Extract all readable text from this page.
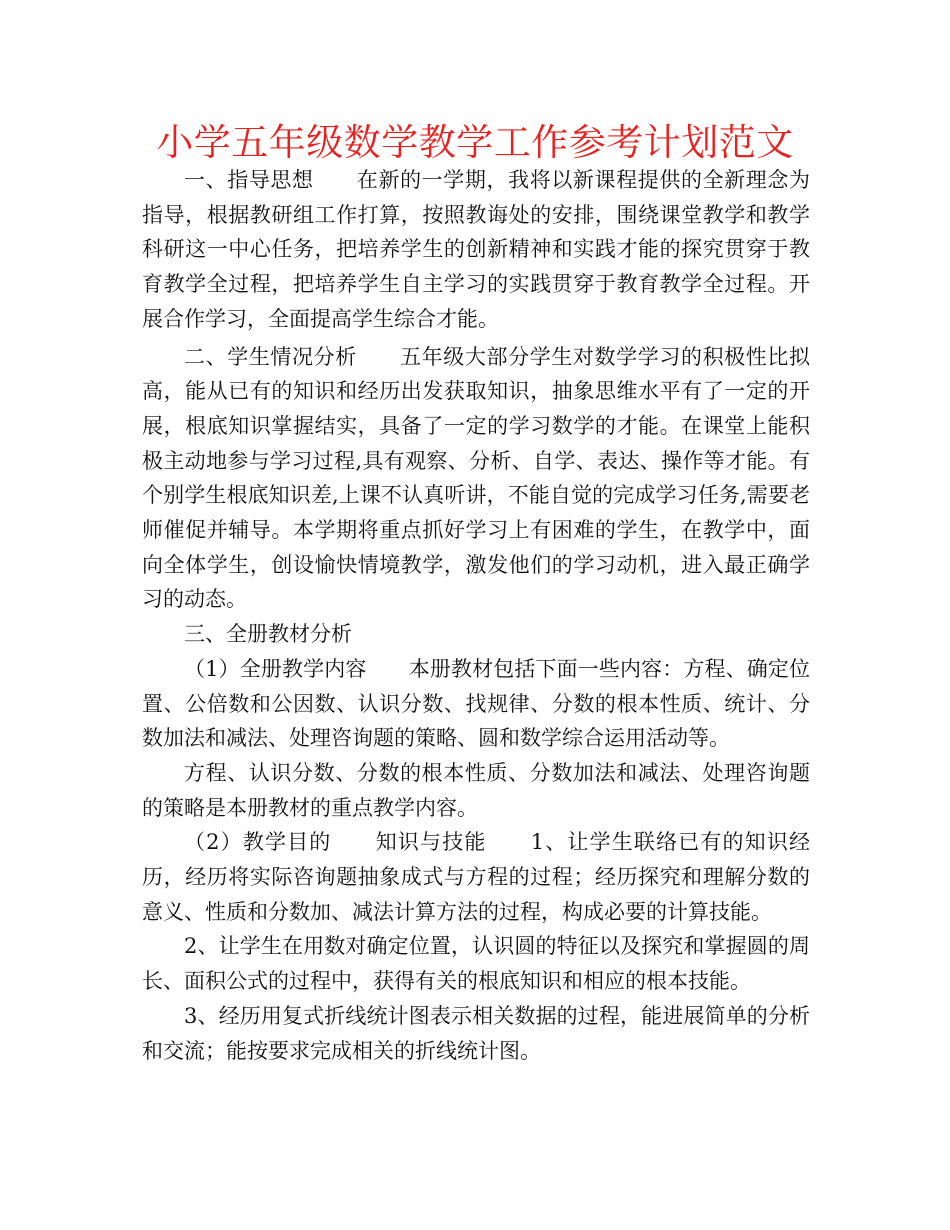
小学五年级数学教学工作参考计划范文

一、指导思想　　在新的一学期，我将以新课程提供的全新理念为指导，根据教研组工作打算，按照教诲处的安排，围绕课堂教学和教学科研这一中心任务，把培养学生的创新精神和实践才能的探究贯穿于教育教学全过程，把培养学生自主学习的实践贯穿于教育教学全过程。开展合作学习，全面提高学生综合才能。

二、学生情况分析　　五年级大部分学生对数学学习的积极性比拟高，能从已有的知识和经历出发获取知识，抽象思维水平有了一定的开展，根底知识掌握结实，具备了一定的学习数学的才能。在课堂上能积极主动地参与学习过程,具有观察、分析、自学、表达、操作等才能。有个别学生根底知识差,上课不认真听讲，不能自觉的完成学习任务,需要老师催促并辅导。本学期将重点抓好学习上有困难的学生，在教学中，面向全体学生，创设愉快情境教学，激发他们的学习动机，进入最正确学习的动态。

三、全册教材分析

（1）全册教学内容　　本册教材包括下面一些内容：方程、确定位置、公倍数和公因数、认识分数、找规律、分数的根本性质、统计、分数加法和减法、处理咨询题的策略、圆和数学综合运用活动等。

方程、认识分数、分数的根本性质、分数加法和减法、处理咨询题的策略是本册教材的重点教学内容。

（2）教学目的　　知识与技能　　1、让学生联络已有的知识经历，经历将实际咨询题抽象成式与方程的过程；经历探究和理解分数的意义、性质和分数加、减法计算方法的过程，构成必要的计算技能。

2、让学生在用数对确定位置，认识圆的特征以及探究和掌握圆的周长、面积公式的过程中，获得有关的根底知识和相应的根本技能。

3、经历用复式折线统计图表示相关数据的过程，能进展简单的分析和交流；能按要求完成相关的折线统计图。
